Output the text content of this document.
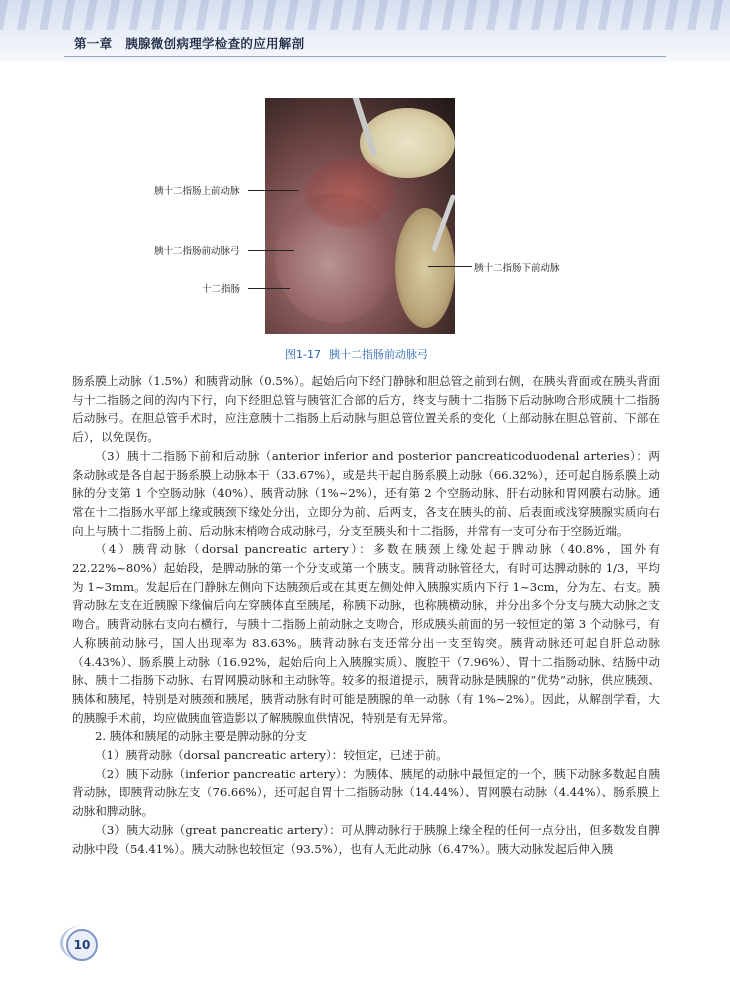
第一章　胰腺微创病理学检查的应用解剖
胰十二指肠上前动脉
胰十二指肠前动脉弓
十二指肠
胰十二指肠下前动脉
图1-17 胰十二指肠前动脉弓

肠系膜上动脉（1.5%）和胰背动脉（0.5%）。起始后向下经门静脉和胆总管之前到右侧，在胰头背面或在胰头背面与十二指肠之间的沟内下行，向下经胆总管与胰管汇合部的后方，终支与胰十二指肠下后动脉吻合形成胰十二指肠后动脉弓。在胆总管手术时，应注意胰十二指肠上后动脉与胆总管位置关系的变化（上部动脉在胆总管前、下部在后），以免误伤。

（3）胰十二指肠下前和后动脉（anterior inferior and posterior pancreaticoduodenal arteries）：两条动脉或是各自起于肠系膜上动脉本干（33.67%），或是共干起自肠系膜上动脉（66.32%），还可起自肠系膜上动脉的分支第 1 个空肠动脉（40%）、胰背动脉（1%~2%），还有第 2 个空肠动脉、肝右动脉和胃网膜右动脉。通常在十二指肠水平部上缘或胰颈下缘处分出，立即分为前、后两支，各支在胰头的前、后表面或浅穿胰腺实质向右向上与胰十二指肠上前、后动脉末梢吻合成动脉弓，分支至胰头和十二指肠，并常有一支可分布于空肠近端。

（4）胰背动脉（dorsal pancreatic artery）：多数在胰颈上缘处起于脾动脉（40.8%，国外有 22.22%~80%）起始段，是脾动脉的第一个分支或第一个胰支。胰背动脉管径大，有时可达脾动脉的 1/3，平均为 1~3mm。发起后在门静脉左侧向下达胰颈后或在其更左侧处伸入胰腺实质内下行 1~3cm，分为左、右支。胰背动脉左支在近胰腺下缘偏后向左穿胰体直至胰尾，称胰下动脉，也称胰横动脉，并分出多个分支与胰大动脉之支吻合。胰背动脉右支向右横行，与胰十二指肠上前动脉之支吻合，形成胰头前面的另一较恒定的第 3 个动脉弓，有人称胰前动脉弓，国人出现率为 83.63%。胰背动脉右支还常分出一支至钩突。胰背动脉还可起自肝总动脉（4.43%）、肠系膜上动脉（16.92%，起始后向上入胰腺实质）、腹腔干（7.96%）、胃十二指肠动脉、结肠中动脉、胰十二指肠下动脉、右胃网膜动脉和主动脉等。较多的报道提示，胰背动脉是胰腺的“优势”动脉，供应胰颈、胰体和胰尾，特别是对胰颈和胰尾，胰背动脉有时可能是胰腺的单一动脉（有 1%~2%）。因此，从解剖学看，大的胰腺手术前，均应做胰血管造影以了解胰腺血供情况，特别是有无异常。

2. 胰体和胰尾的动脉主要是脾动脉的分支

（1）胰背动脉（dorsal pancreatic artery）：较恒定，已述于前。

（2）胰下动脉（inferior pancreatic artery）：为胰体、胰尾的动脉中最恒定的一个，胰下动脉多数起自胰背动脉，即胰背动脉左支（76.66%），还可起自胃十二指肠动脉（14.44%）、胃网膜右动脉（4.44%）、肠系膜上动脉和脾动脉。

（3）胰大动脉（great pancreatic artery）：可从脾动脉行于胰腺上缘全程的任何一点分出，但多数发自脾动脉中段（54.41%）。胰大动脉也较恒定（93.5%），也有人无此动脉（6.47%）。胰大动脉发起后伸入胰

10
